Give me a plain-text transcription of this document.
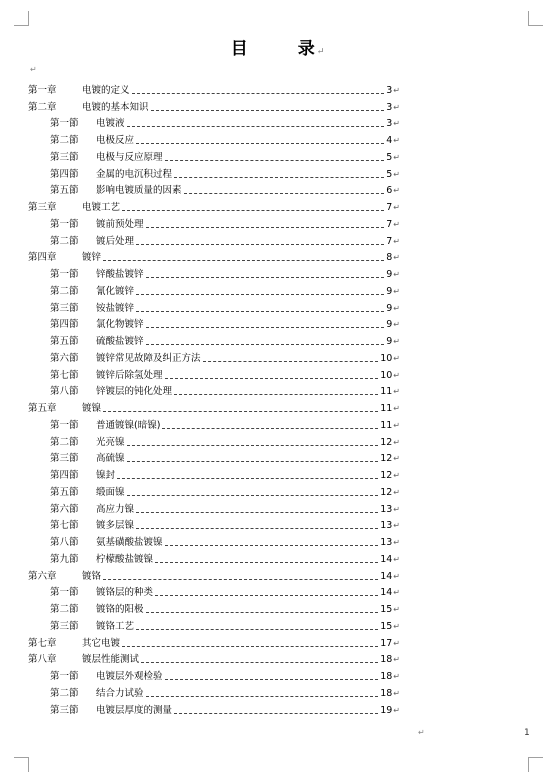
目	录↵
↵
第一章	电镀的定义	3 ↵
第二章	电镀的基本知识	3 ↵
第一節	电镀液	3 ↵
第二節	电极反应	4 ↵
第三節	电极与反应原理	5 ↵
第四節	金属的电沉积过程	5 ↵
第五節	影响电镀质量的因素	6 ↵
第三章	电镀工艺	7 ↵
第一節	镀前预处理	7 ↵
第二節	镀后处理	7 ↵
第四章	镀锌	8 ↵
第一節	锌酸盐镀锌	9 ↵
第二節	氰化镀锌	9 ↵
第三節	铵盐镀锌	9 ↵
第四節	氯化物镀锌	9 ↵
第五節	硫酸盐镀锌	9 ↵
第六節	镀锌常见故障及纠正方法	10 ↵
第七節	镀锌后除氢处理	10 ↵
第八節	锌镀层的钝化处理	11 ↵
第五章	镀镍	11 ↵
第一節	普通镀镍(暗镍)	11 ↵
第二節	光亮镍	12 ↵
第三節	高硫镍	12 ↵
第四節	镍封	12 ↵
第五節	缎面镍	12 ↵
第六節	高应力镍	13 ↵
第七節	镀多层镍	13 ↵
第八節	氨基磺酸盐镀镍	13 ↵
第九節	柠檬酸盐镀镍	14 ↵
第六章	镀铬	14 ↵
第一節	镀铬层的种类	14 ↵
第二節	镀铬的阳极	15 ↵
第三節	镀铬工艺	15 ↵
第七章	其它电镀	17 ↵
第八章	镀层性能测试	18 ↵
第一節	电镀层外观检验	18 ↵
第二節	结合力试验	18 ↵
第三節	电镀层厚度的测量	19 ↵
↵	1
